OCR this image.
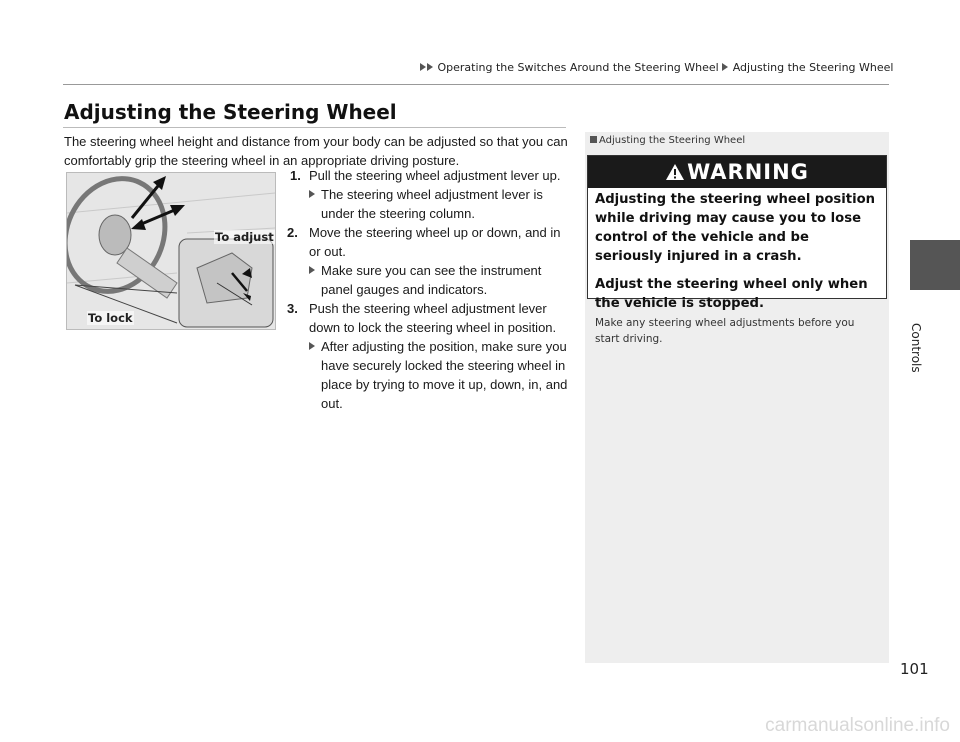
Operating the Switches Around the Steering Wheel Adjusting the Steering Wheel
Adjusting the Steering Wheel
The steering wheel height and distance from your body can be adjusted so that you can comfortably grip the steering wheel in an appropriate driving posture.
To adjust
To lock
1. Pull the steering wheel adjustment lever up.
The steering wheel adjustment lever is under the steering column.
2. Move the steering wheel up or down, and in or out.
Make sure you can see the instrument panel gauges and indicators.
3. Push the steering wheel adjustment lever down to lock the steering wheel in position.
After adjusting the position, make sure you have securely locked the steering wheel in place by trying to move it up, down, in, and out.
Adjusting the Steering Wheel
WARNING

Adjusting the steering wheel position while driving may cause you to lose control of the vehicle and be seriously injured in a crash.

Adjust the steering wheel only when the vehicle is stopped.

Make any steering wheel adjustments before you start driving.	Controls
101
carmanualsonline.info
